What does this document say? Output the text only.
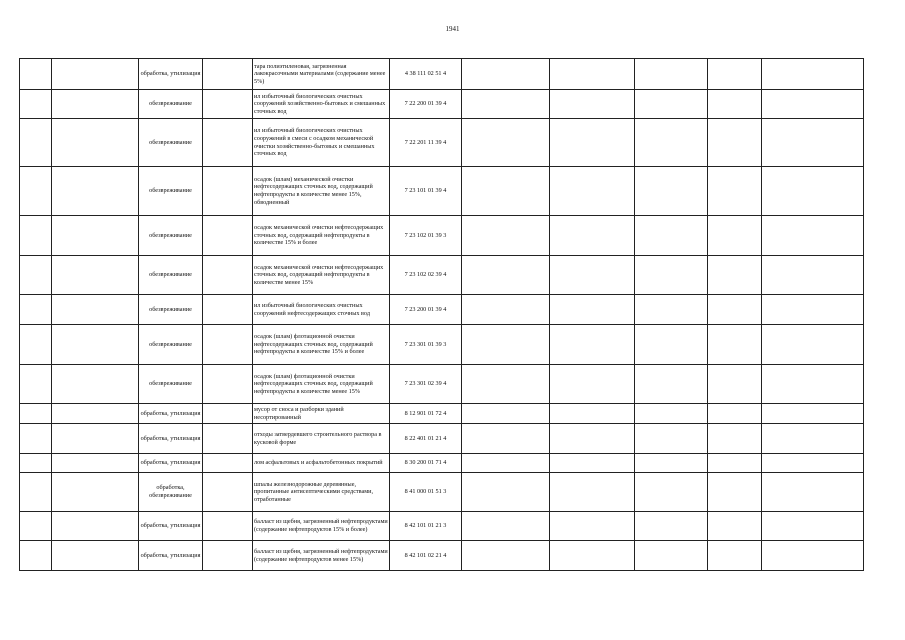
1941
		обработка, утилизация		тара полиэтиленовая, загрязненная лакокрасочными материалами (содержание менее 5%)	4 38 111 02 51 4					
		обезвреживание		ил избыточный биологических очистных сооружений хозяйственно-бытовых и смешанных сточных вод	7 22 200 01 39 4					
		обезвреживание		ил избыточный биологических очистных сооружений в смеси с осадком механической очистки хозяйственно-бытовых и смешанных сточных вод	7 22 201 11 39 4					
		обезвреживание		осадок (шлам) механической очистки нефтесодержащих сточных вод, содержащий нефтепродукты в количестве менее 15%, обводненный	7 23 101 01 39 4					
		обезвреживание		осадок механической очистки нефтесодержащих сточных вод, содержащий нефтепродукты в количестве 15% и более	7 23 102 01 39 3					
		обезвреживание		осадок механической очистки нефтесодержащих сточных вод, содержащий нефтепродукты в количестве менее 15%	7 23 102 02 39 4					
		обезвреживание		ил избыточный биологических очистных сооружений нефтесодержащих сточных вод	7 23 200 01 39 4					
		обезвреживание		осадок (шлам) флотационной очистки нефтесодержащих сточных вод, содержащий нефтепродукты в количестве 15% и более	7 23 301 01 39 3					
		обезвреживание		осадок (шлам) флотационной очистки нефтесодержащих сточных вод, содержащий нефтепродукты в количестве менее 15%	7 23 301 02 39 4					
		обработка, утилизация		мусор от сноса и разборки зданий несортированный	8 12 901 01 72 4					
		обработка, утилизация		отходы затвердевшего строительного раствора в кусковой форме	8 22 401 01 21 4					
		обработка, утилизация		лом асфальтовых и асфальтобетонных покрытий	8 30 200 01 71 4					
		обработка, обезвреживание		шпалы железнодорожные деревянные, пропитанные антисептическими средствами, отработанные	8 41 000 01 51 3					
		обработка, утилизация		балласт из щебня, загрязненный нефтепродуктами (содержание нефтепродуктов 15% и более)	8 42 101 01 21 3					
		обработка, утилизация		балласт из щебня, загрязненный нефтепродуктами (содержание нефтепродуктов менее 15%)	8 42 101 02 21 4					
